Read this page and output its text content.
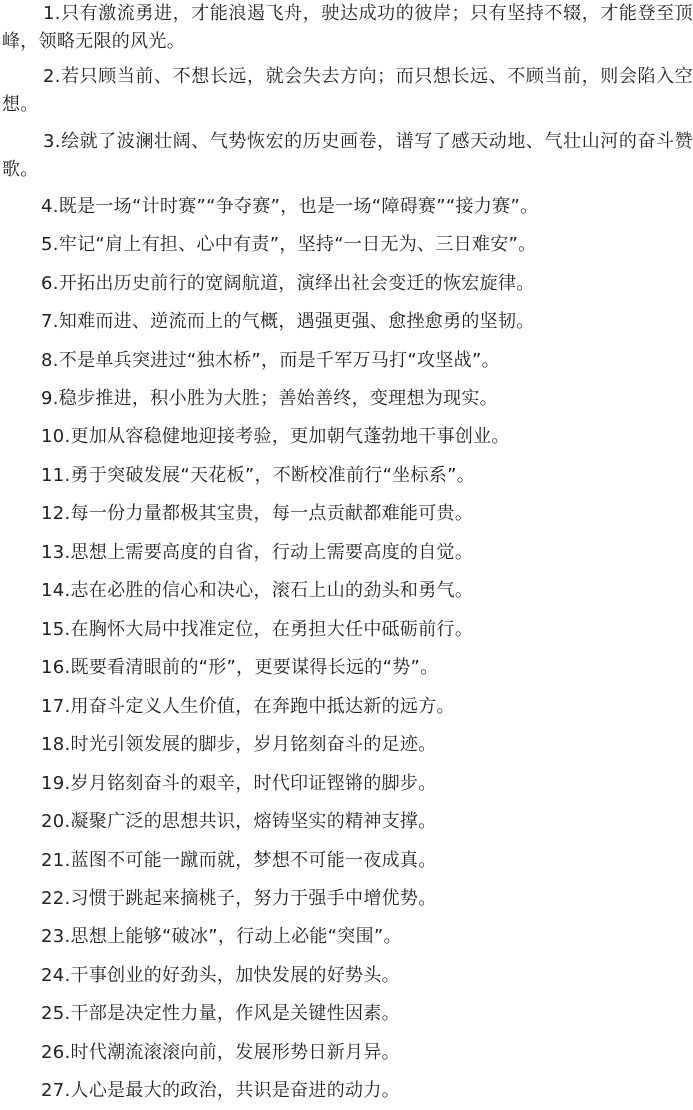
1.只有激流勇进，才能浪遏飞舟，驶达成功的彼岸；只有坚持不辍，才能登至顶峰，领略无限的风光。

2.若只顾当前、不想长远，就会失去方向；而只想长远、不顾当前，则会陷入空想。

3.绘就了波澜壮阔、气势恢宏的历史画卷，谱写了感天动地、气壮山河的奋斗赞歌。

4.既是一场“计时赛”“争夺赛”，也是一场“障碍赛”“接力赛”。

5.牢记“肩上有担、心中有责”，坚持“一日无为、三日难安”。

6.开拓出历史前行的宽阔航道，演绎出社会变迁的恢宏旋律。

7.知难而进、逆流而上的气概，遇强更强、愈挫愈勇的坚韧。

8.不是单兵突进过“独木桥”，而是千军万马打“攻坚战”。

9.稳步推进，积小胜为大胜；善始善终，变理想为现实。

10.更加从容稳健地迎接考验，更加朝气蓬勃地干事创业。

11.勇于突破发展“天花板”，不断校准前行“坐标系”。

12.每一份力量都极其宝贵，每一点贡献都难能可贵。

13.思想上需要高度的自省，行动上需要高度的自觉。

14.志在必胜的信心和决心，滚石上山的劲头和勇气。

15.在胸怀大局中找准定位，在勇担大任中砥砺前行。

16.既要看清眼前的“形”，更要谋得长远的“势”。

17.用奋斗定义人生价值，在奔跑中抵达新的远方。

18.时光引领发展的脚步，岁月铭刻奋斗的足迹。

19.岁月铭刻奋斗的艰辛，时代印证铿锵的脚步。

20.凝聚广泛的思想共识，熔铸坚实的精神支撑。

21.蓝图不可能一蹴而就，梦想不可能一夜成真。

22.习惯于跳起来摘桃子，努力于强手中增优势。

23.思想上能够“破冰”，行动上必能“突围”。

24.干事创业的好劲头，加快发展的好势头。

25.干部是决定性力量，作风是关键性因素。

26.时代潮流滚滚向前，发展形势日新月异。

27.人心是最大的政治，共识是奋进的动力。
